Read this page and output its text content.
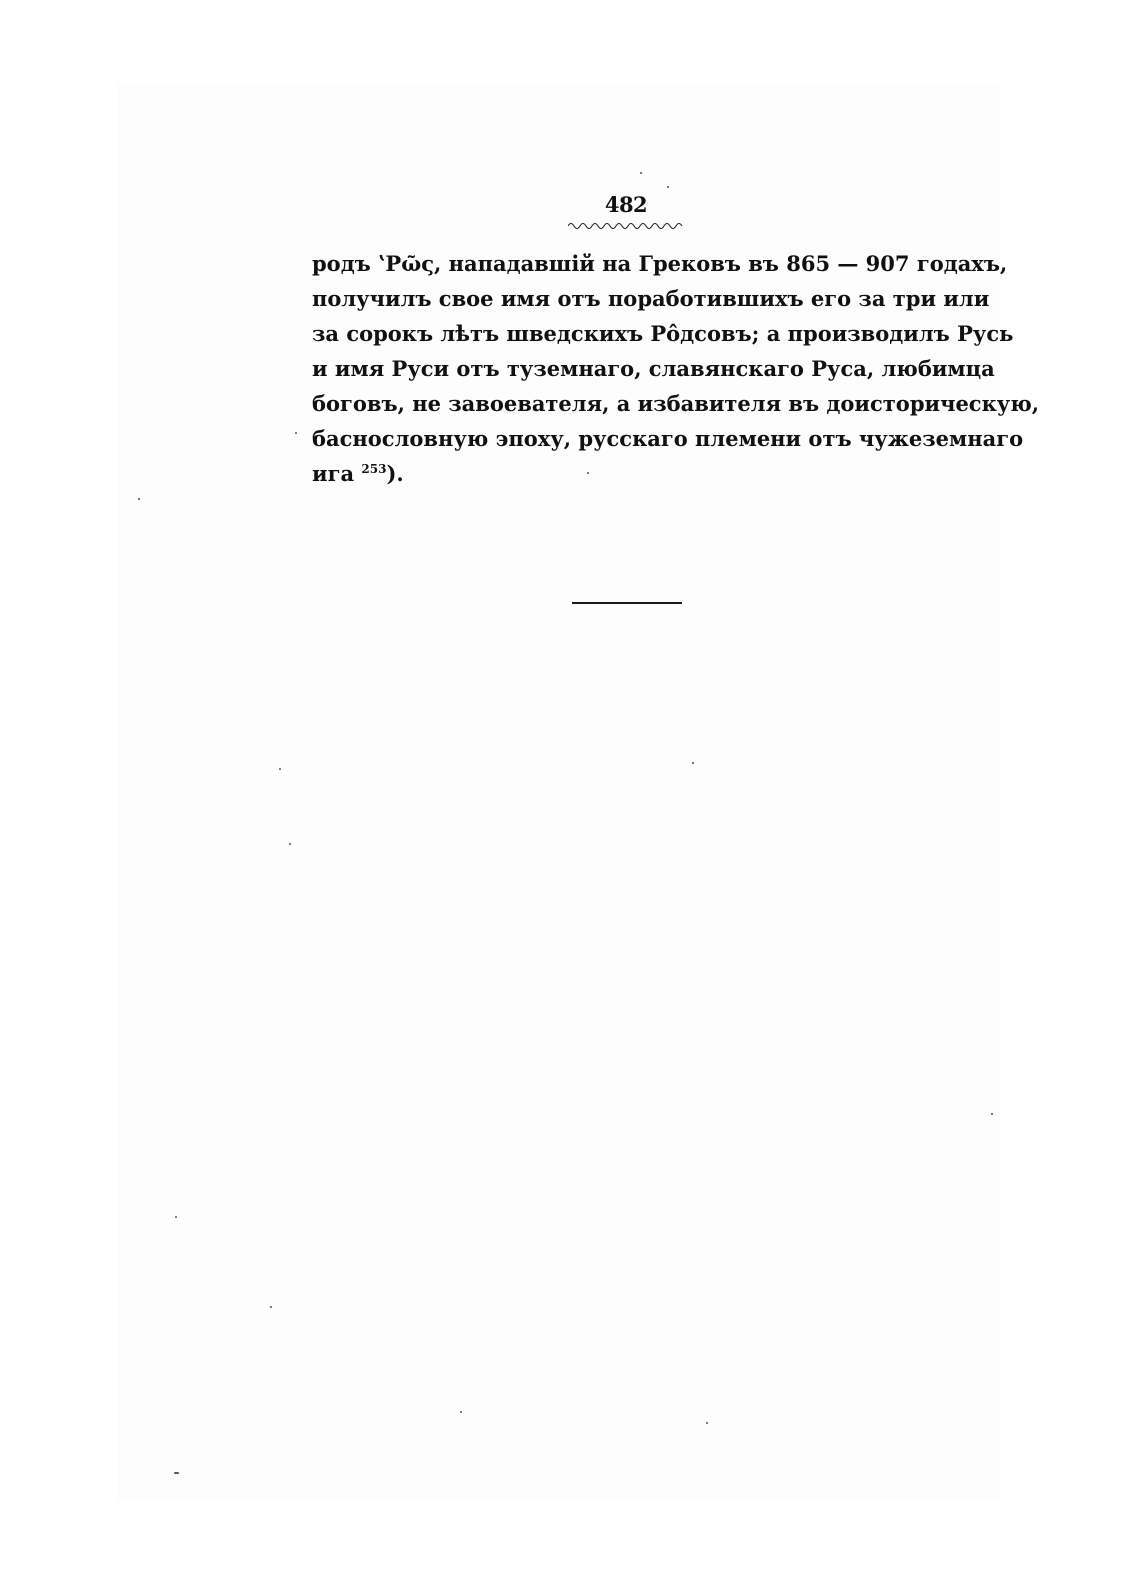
482
родъ ʽΡῶς, нападавшій на Грековъ въ 865 — 907 годахъ,
получилъ свое имя отъ поработившихъ его за три или
за сорокъ лѣтъ шведскихъ Рôдсовъ; а производилъ Русь
и имя Руси отъ туземнаго, славянскаго Руса, любимца
боговъ, не завоевателя, а избавителя въ доисторическую,
баснословную эпоху, русскаго племени отъ чужеземнаго
ига $^{253}$).
